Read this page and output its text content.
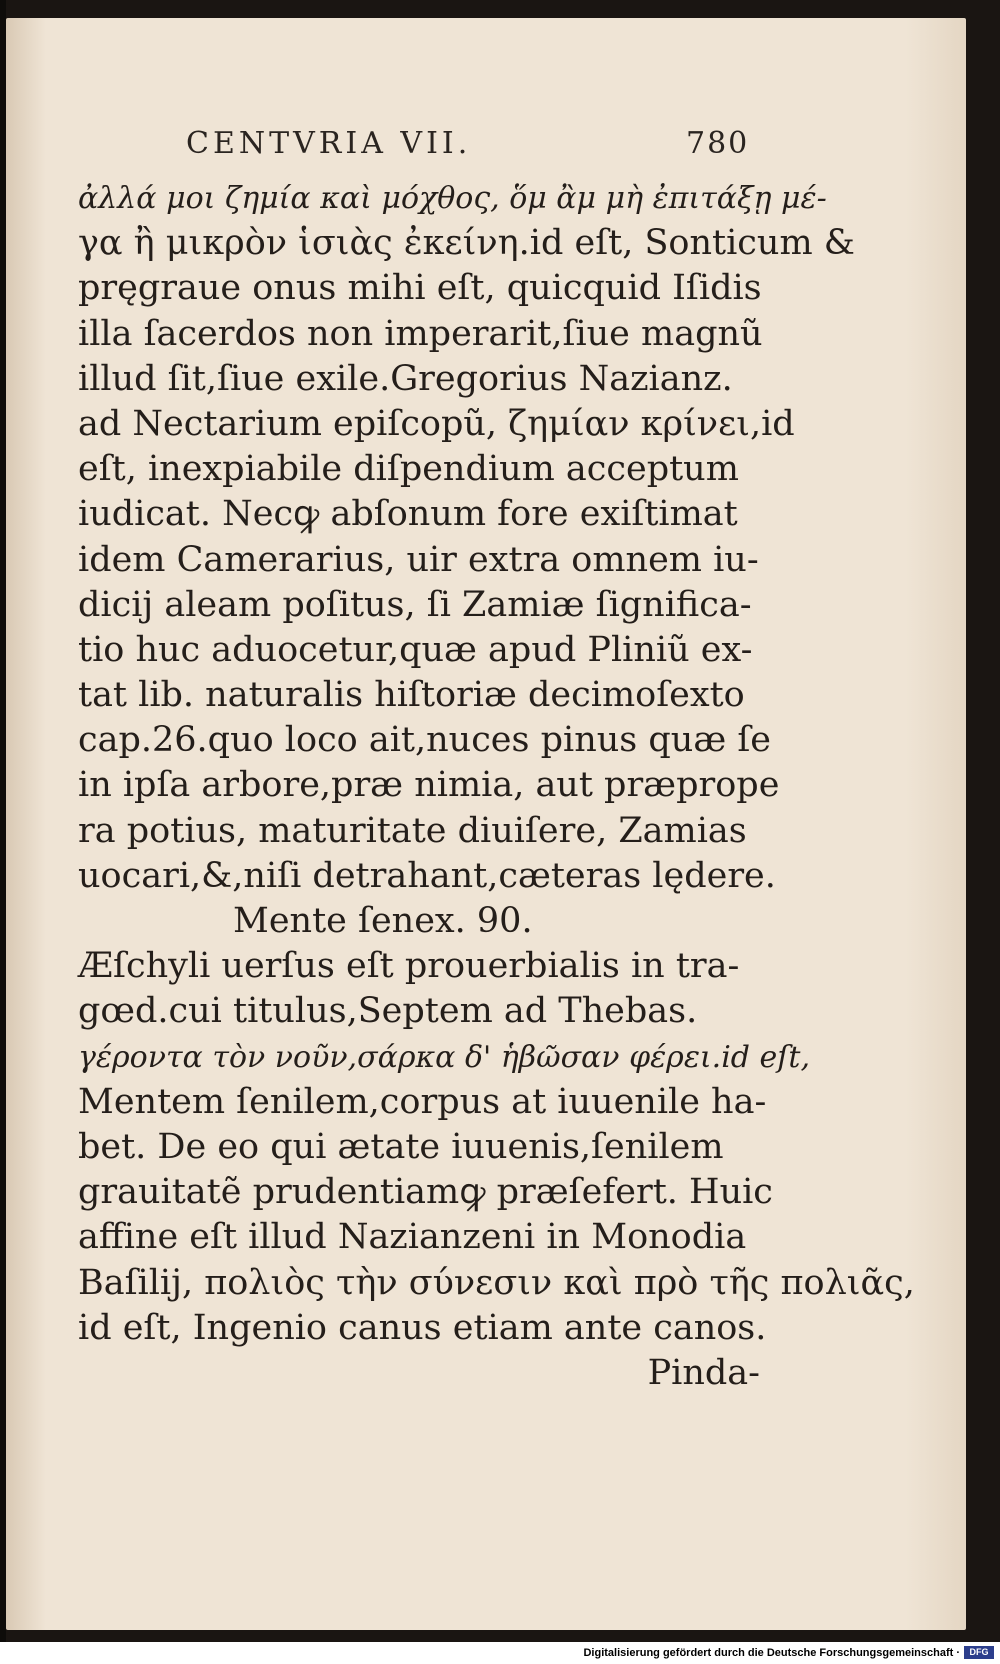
CENTVRIA VII.	780
ἀλλά μοι ζημία καὶ μόχθος, ὅμ ἂμ μὴ ἐπιτάξῃ μέ-
γα ἢ μικρὸν ἱσιὰς ἐκείνη.id eſt, Sonticum &
pręgraue onus mihi eſt, quicquid Iſidis
illa ſacerdos non imperarit,ſiue magnũ
illud ſit,ſiue exile.Gregorius Nazianz.
ad Nectarium epiſcopũ, ζημίαν κρίνει,id
eſt, inexpiabile diſpendium acceptum
iudicat. Necꝙ abſonum fore exiſtimat
idem Camerarius, uir extra omnem iu-
dicij aleam poſitus, ſi Zamiæ ſignifica-
tio huc aduocetur,quæ apud Pliniũ ex-
tat lib. naturalis hiſtoriæ decimoſexto
cap.26.quo loco ait,nuces pinus quæ ſe
in ipſa arbore,præ nimia, aut præprope
ra potius, maturitate diuiſere, Zamias
uocari,&,niſi detrahant,cæteras lędere.
Mente ſenex. 90.
Æſchyli uerſus eſt prouerbialis in tra-
gœd.cui titulus,Septem ad Thebas.
γέροντα τὸν νοῦν,σάρκα δ' ἡβῶσαν φέρει.id eſt,
Mentem ſenilem,corpus at iuuenile ha-
bet. De eo qui ætate iuuenis,ſenilem
grauitatẽ prudentiamꝙ præſefert. Huic
affine eſt illud Nazianzeni in Monodia
Baſilij, πολιὸς τὴν σύνεσιν καὶ πρὸ τῆς πολιᾶς,
id eſt, Ingenio canus etiam ante canos.
Pinda-
Digitalisierung gefördert durch die Deutsche Forschungsgemeinschaft ·	DFG
